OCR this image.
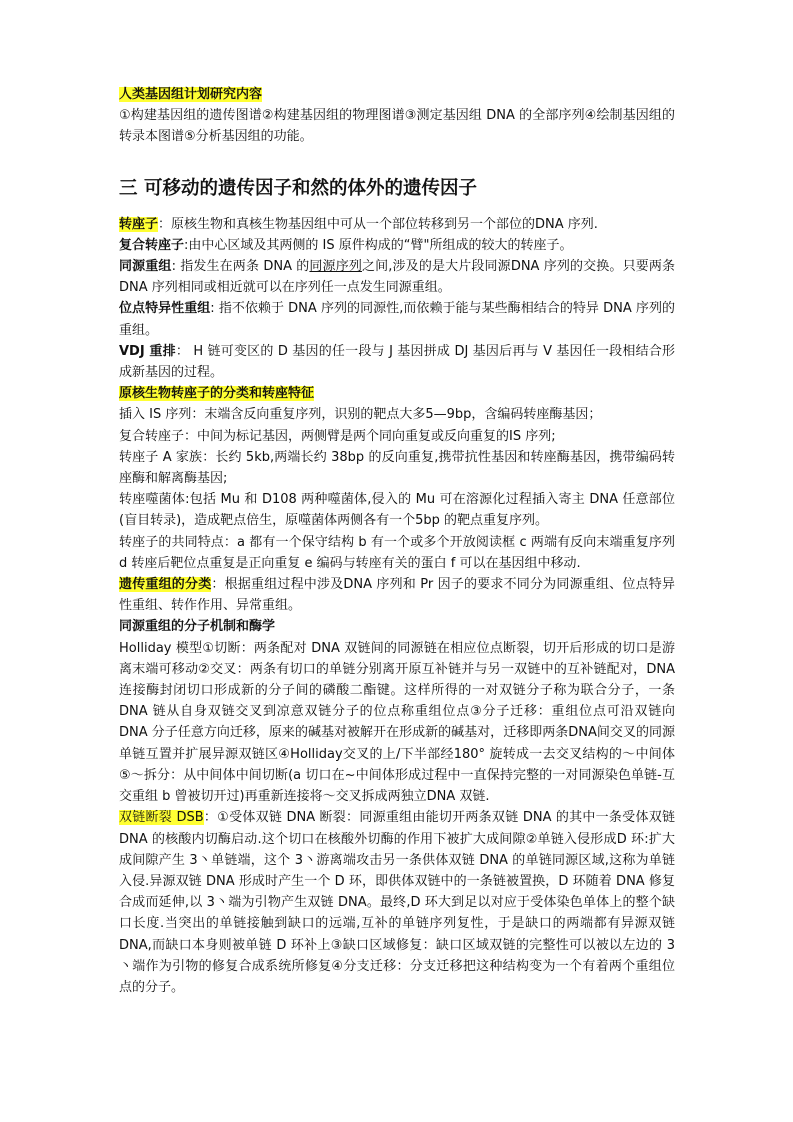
人类基因组计划研究内容

①构建基因组的遗传图谱②构建基因组的物理图谱③测定基因组 DNA 的全部序列④绘制基因组的转录本图谱⑤分析基因组的功能。

三 可移动的遗传因子和然的体外的遗传因子

转座子：原核生物和真核生物基因组中可从一个部位转移到另一个部位的DNA 序列.

复合转座子:由中心区域及其两侧的 IS 原件构成的“臂"所组成的较大的转座子。

同源重组: 指发生在两条 DNA 的同源序列之间,涉及的是大片段同源DNA 序列的交换。只要两条 DNA 序列相同或相近就可以在序列任一点发生同源重组。

位点特异性重组: 指不依赖于 DNA 序列的同源性,而依赖于能与某些酶相结合的特异 DNA 序列的重组。

VDJ 重排： H 链可变区的 D 基因的任一段与 J 基因拼成 DJ 基因后再与 V 基因任一段相结合形成新基因的过程。

原核生物转座子的分类和转座特征

插入 IS 序列：末端含反向重复序列，识别的靶点大多5—9bp，含编码转座酶基因；

复合转座子：中间为标记基因，两侧臂是两个同向重复或反向重复的IS 序列;

转座子 A 家族：长约 5kb,两端长约 38bp 的反向重复,携带抗性基因和转座酶基因，携带编码转座酶和解离酶基因;

转座噬菌体:包括 Mu 和 D108 两种噬菌体,侵入的 Mu 可在溶源化过程插入寄主 DNA 任意部位(盲目转录)，造成靶点倍生，原噬菌体两侧各有一个5bp 的靶点重复序列。

转座子的共同特点：a 都有一个保守结构 b 有一个或多个开放阅读框 c 两端有反向末端重复序列 d 转座后靶位点重复是正向重复 e 编码与转座有关的蛋白 f 可以在基因组中移动.

遗传重组的分类：根据重组过程中涉及DNA 序列和 Pr 因子的要求不同分为同源重组、位点特异性重组、转作作用、异常重组。

同源重组的分子机制和酶学

Holliday 模型①切断：两条配对 DNA 双链间的同源链在相应位点断裂，切开后形成的切口是游离末端可移动②交叉：两条有切口的单链分别离开原互补链并与另一双链中的互补链配对，DNA 连接酶封闭切口形成新的分子间的磷酸二酯键。这样所得的一对双链分子称为联合分子，一条 DNA 链从自身双链交叉到凉意双链分子的位点称重组位点③分子迁移：重组位点可沿双链向 DNA 分子任意方向迁移，原来的碱基对被解开在形成新的碱基对，迁移即两条DNA间交叉的同源单链互置并扩展异源双链区④Holliday交叉的上/下半部经180° 旋转成一去交叉结构的～中间体⑤～拆分：从中间体中间切断(a 切口在~中间体形成过程中一直保持完整的一对同源染色单链-互交重组 b 曾被切开过)再重新连接将～交叉拆成两独立DNA 双链.

双链断裂 DSB：①受体双链 DNA 断裂：同源重组由能切开两条双链 DNA 的其中一条受体双链 DNA 的核酸内切酶启动.这个切口在核酸外切酶的作用下被扩大成间隙②单链入侵形成D 环:扩大成间隙产生 3丶单链端，这个 3丶游离端攻击另一条供体双链 DNA 的单链同源区域,这称为单链入侵.异源双链 DNA 形成时产生一个 D 环，即供体双链中的一条链被置换，D 环随着 DNA 修复合成而延伸,以 3丶端为引物产生双链 DNA。最终,D 环大到足以对应于受体染色单体上的整个缺口长度.当突出的单链接触到缺口的远端,互补的单链序列复性，于是缺口的两端都有异源双链 DNA,而缺口本身则被单链 D 环补上③缺口区域修复：缺口区域双链的完整性可以被以左边的 3丶端作为引物的修复合成系统所修复④分支迁移：分支迁移把这种结构变为一个有着两个重组位点的分子。
